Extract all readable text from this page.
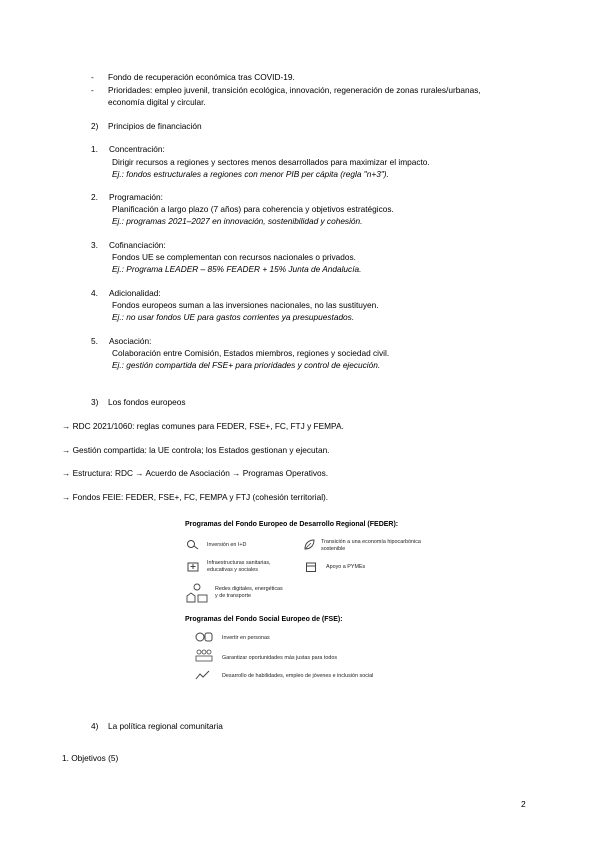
- Fondo de recuperación económica tras COVID-19.
- Prioridades: empleo juvenil, transición ecológica, innovación, regeneración de zonas rurales/urbanas,
economía digital y circular.
2) Principios de financiación
1. Concentración:
Dirigir recursos a regiones y sectores menos desarrollados para maximizar el impacto.
Ej.: fondos estructurales a regiones con menor PIB per cápita (regla "n+3").
2. Programación:
Planificación a largo plazo (7 años) para coherencia y objetivos estratégicos.
Ej.: programas 2021–2027 en innovación, sostenibilidad y cohesión.
3. Cofinanciación:
Fondos UE se complementan con recursos nacionales o privados.
Ej.: Programa LEADER – 85% FEADER + 15% Junta de Andalucía.
4. Adicionalidad:
Fondos europeos suman a las inversiones nacionales, no las sustituyen.
Ej.: no usar fondos UE para gastos corrientes ya presupuestados.
5. Asociación:
Colaboración entre Comisión, Estados miembros, regiones y sociedad civil.
Ej.: gestión compartida del FSE+ para prioridades y control de ejecución.
3) Los fondos europeos
→ RDC 2021/1060: reglas comunes para FEDER, FSE+, FC, FTJ y FEMPA.
→ Gestión compartida: la UE controla; los Estados gestionan y ejecutan.
→ Estructura: RDC → Acuerdo de Asociación → Programas Operativos.
→ Fondos FEIE: FEDER, FSE+, FC, FEMPA y FTJ (cohesión territorial).
Programas del Fondo Europeo de Desarrollo Regional (FEDER):
Inversión en I+D	Transición a una economía hipocarbónica sostenible
Infraestructuras sanitarias, educativas y sociales	Apoyo a PYMEs
Redes digitales, energéticas y de transporte
Programas del Fondo Social Europeo de (FSE):
Invertir en personas
Garantizar oportunidades más justas para todos
Desarrollo de habilidades, empleo de jóvenes e inclusión social
4) La política regional comunitaria
1. Objetivos (5)
2
